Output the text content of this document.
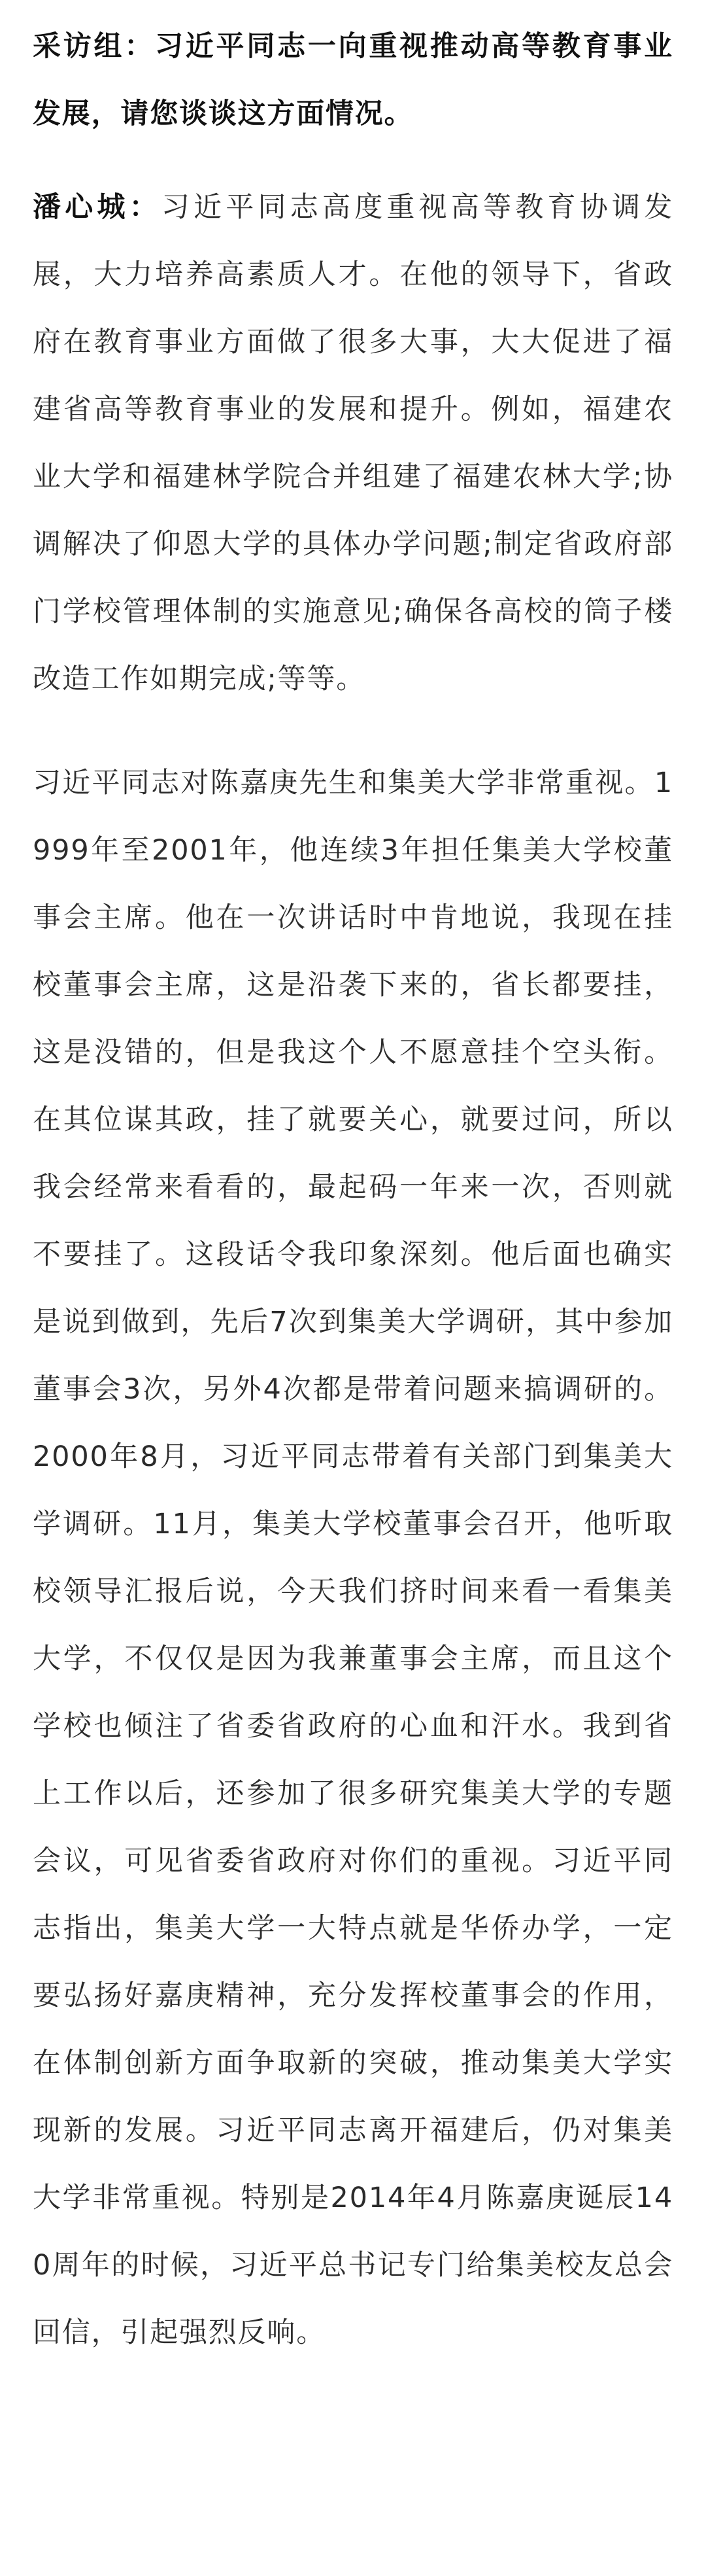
采访组：习近平同志一向重视推动高等教育事业发展，请您谈谈这方面情况。

潘心城：习近平同志高度重视高等教育协调发展，大力培养高素质人才。在他的领导下，省政府在教育事业方面做了很多大事，大大促进了福建省高等教育事业的发展和提升。例如，福建农业大学和福建林学院合并组建了福建农林大学;协调解决了仰恩大学的具体办学问题;制定省政府部门学校管理体制的实施意见;确保各高校的筒子楼改造工作如期完成;等等。

习近平同志对陈嘉庚先生和集美大学非常重视。1999年至2001年，他连续3年担任集美大学校董事会主席。他在一次讲话时中肯地说，我现在挂校董事会主席，这是沿袭下来的，省长都要挂，这是没错的，但是我这个人不愿意挂个空头衔。在其位谋其政，挂了就要关心，就要过问，所以我会经常来看看的，最起码一年来一次，否则就不要挂了。这段话令我印象深刻。他后面也确实是说到做到，先后7次到集美大学调研，其中参加董事会3次，另外4次都是带着问题来搞调研的。2000年8月，习近平同志带着有关部门到集美大学调研。11月，集美大学校董事会召开，他听取校领导汇报后说，今天我们挤时间来看一看集美大学，不仅仅是因为我兼董事会主席，而且这个学校也倾注了省委省政府的心血和汗水。我到省上工作以后，还参加了很多研究集美大学的专题会议，可见省委省政府对你们的重视。习近平同志指出，集美大学一大特点就是华侨办学，一定要弘扬好嘉庚精神，充分发挥校董事会的作用，在体制创新方面争取新的突破，推动集美大学实现新的发展。习近平同志离开福建后，仍对集美大学非常重视。特别是2014年4月陈嘉庚诞辰140周年的时候，习近平总书记专门给集美校友总会回信，引起强烈反响。
